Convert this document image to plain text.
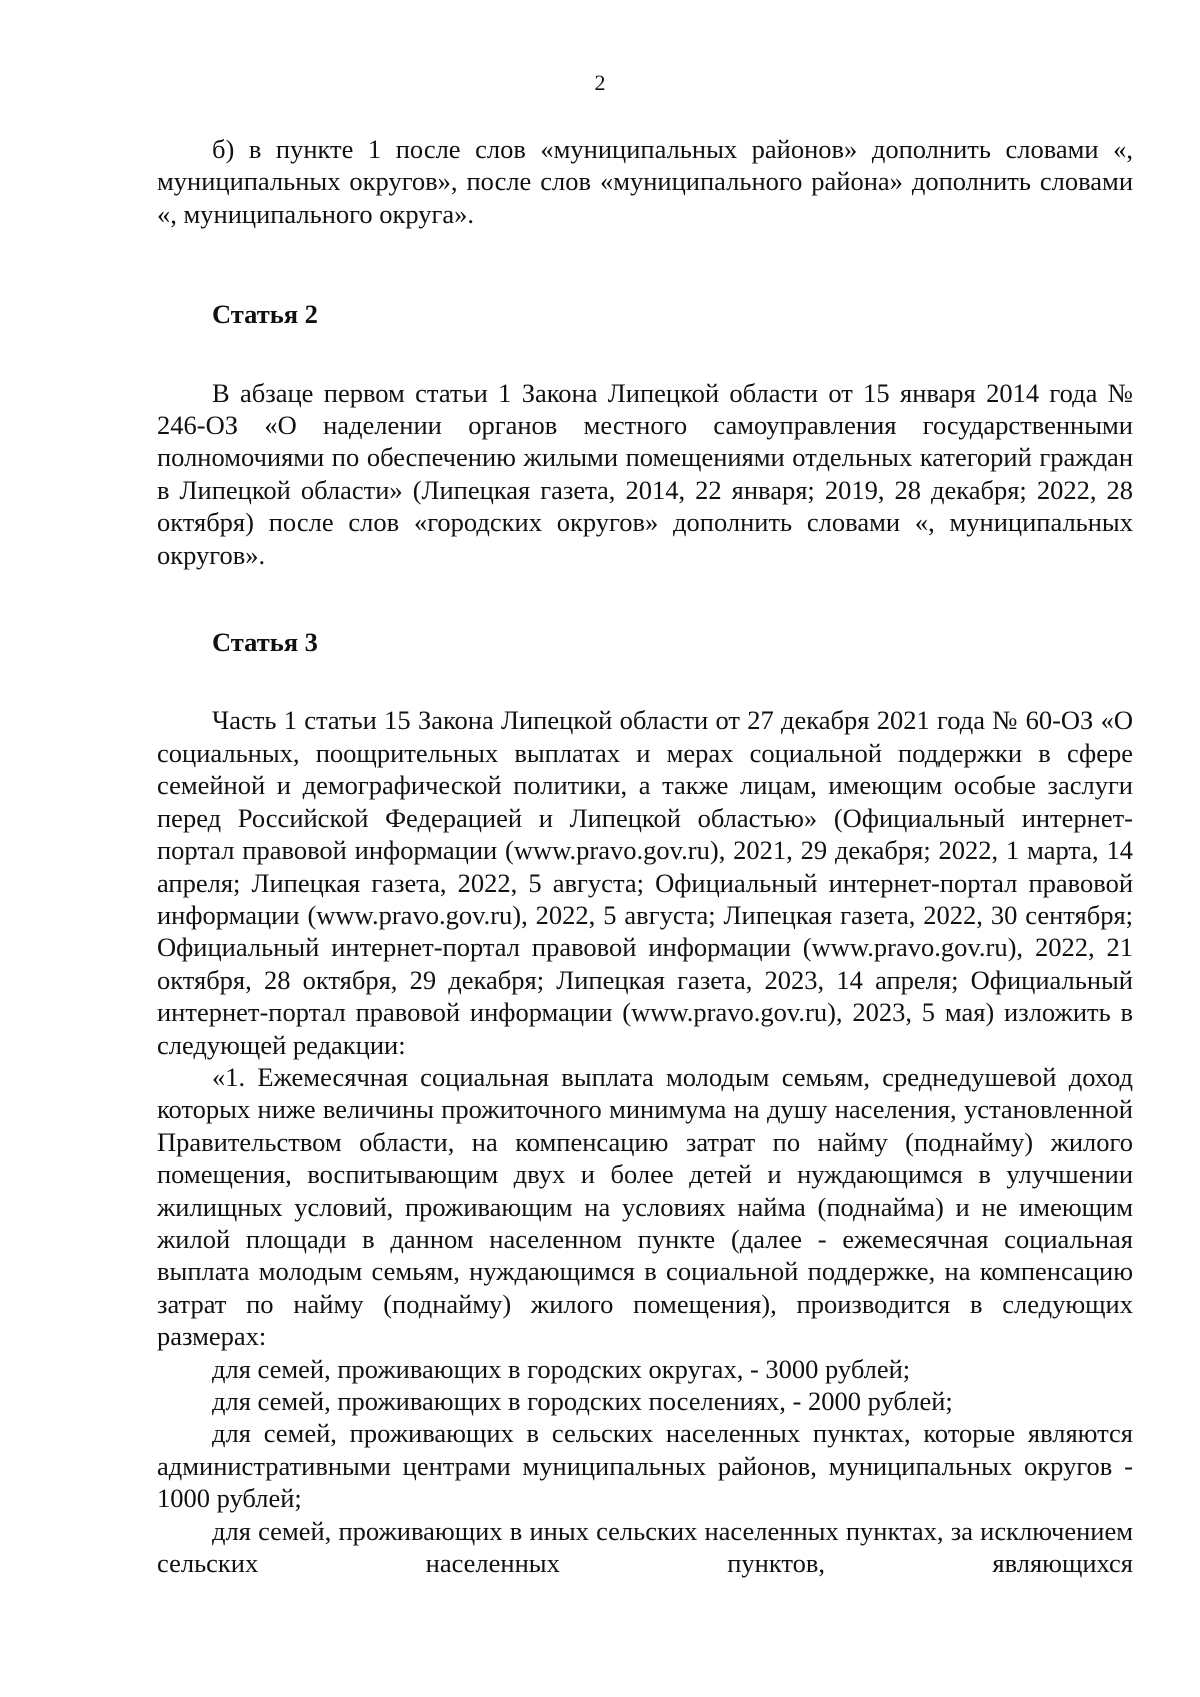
2

б) в пункте 1 после слов «муниципальных районов» дополнить словами «, муниципальных округов», после слов «муниципального района» дополнить словами «, муниципального округа».

Статья 2

В абзаце первом статьи 1 Закона Липецкой области от 15 января 2014 года № 246-ОЗ «О наделении органов местного самоуправления государственными полномочиями по обеспечению жилыми помещениями отдельных категорий граждан в Липецкой области» (Липецкая газета, 2014, 22 января; 2019, 28 декабря; 2022, 28 октября) после слов «городских округов» дополнить словами «, муниципальных округов».

Статья 3

Часть 1 статьи 15 Закона Липецкой области от 27 декабря 2021 года № 60-ОЗ «О социальных, поощрительных выплатах и мерах социальной поддержки в сфере семейной и демографической политики, а также лицам, имеющим особые заслуги перед Российской Федерацией и Липецкой областью» (Официальный интернет-портал правовой информации (www.pravo.gov.ru), 2021, 29 декабря; 2022, 1 марта, 14 апреля; Липецкая газета, 2022, 5 августа; Официальный интернет-портал правовой информации (www.pravo.gov.ru), 2022, 5 августа; Липецкая газета, 2022, 30 сентября; Официальный интернет-портал правовой информации (www.pravo.gov.ru), 2022, 21 октября, 28 октября, 29 декабря; Липецкая газета, 2023, 14 апреля; Официальный интернет-портал правовой информации (www.pravo.gov.ru), 2023, 5 мая) изложить в следующей редакции:

«1. Ежемесячная социальная выплата молодым семьям, среднедушевой доход которых ниже величины прожиточного минимума на душу населения, установленной Правительством области, на компенсацию затрат по найму (поднайму) жилого помещения, воспитывающим двух и более детей и нуждающимся в улучшении жилищных условий, проживающим на условиях найма (поднайма) и не имеющим жилой площади в данном населенном пункте (далее - ежемесячная социальная выплата молодым семьям, нуждающимся в социальной поддержке, на компенсацию затрат по найму (поднайму) жилого помещения), производится в следующих размерах:

для семей, проживающих в городских округах, - 3000 рублей;

для семей, проживающих в городских поселениях, - 2000 рублей;

для семей, проживающих в сельских населенных пунктах, которые являются административными центрами муниципальных районов, муниципальных округов - 1000 рублей;

для семей, проживающих в иных сельских населенных пунктах, за исключением сельских населенных пунктов, являющихся
